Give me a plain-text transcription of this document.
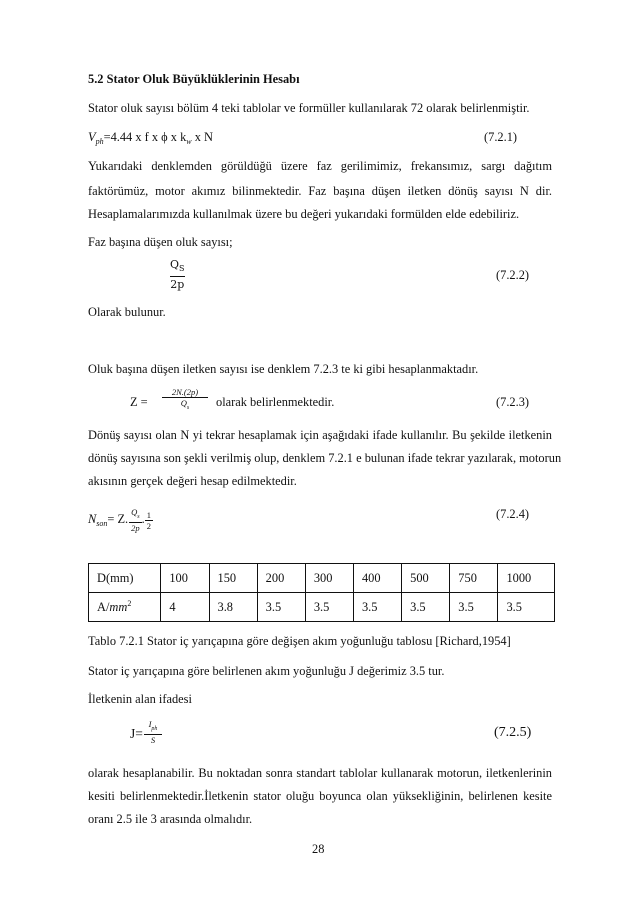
5.2 Stator Oluk Büyüklüklerinin Hesabı
Stator oluk sayısı bölüm 4 teki tablolar ve formüller kullanılarak 72 olarak belirlenmiştir.
$V_{ph}=4.44$ x f x ϕ x $k_w$ x N	(7.2.1)
Yukarıdaki denklemden görüldüğü üzere faz gerilimimiz, frekansımız, sargı dağıtım
faktörümüz, motor akımız bilinmektedir. Faz başına düşen iletken dönüş sayısı N dir.
Hesaplamalarımızda kullanılmak üzere bu değeri yukarıdaki formülden elde edebiliriz.
Faz başına düşen oluk sayısı;
$Q_S$
2p
(7.2.2)
Olarak bulunur.
Oluk başına düşen iletken sayısı ise denklem 7.2.3 te ki gibi hesaplanmaktadır.
$Z = \frac{2N.(2p)}{Q_s}$ olarak belirlenmektedir.	(7.2.3)
Dönüş sayısı olan N yi tekrar hesaplamak için aşağıdaki ifade kullanılır. Bu şekilde iletkenin
dönüş sayısına son şekli verilmiş olup, denklem 7.2.1 e bulunan ifade tekrar yazılarak, motorun
akısının gerçek değeri hesap edilmektedir.
$N_{son}= Z$. $\frac{Q_s}{2p}$ . $\frac{1}{2}$	(7.2.4)
D(mm)	100	150	200	300	400	500	750	1000
$A/mm^2$	4	3.8	3.5	3.5	3.5	3.5	3.5	3.5
Tablo 7.2.1 Stator iç yarıçapına göre değişen akım yoğunluğu tablosu [Richard,1954]
Stator iç yarıçapına göre belirlenen akım yoğunluğu J değerimiz 3.5 tur.
İletkenin alan ifadesi
J=
$I_{ph}$
S	(7.2.5)
olarak hesaplanabilir. Bu noktadan sonra standart tablolar kullanarak motorun, iletkenlerinin
kesiti belirlenmektedir.İletkenin stator oluğu boyunca olan yüksekliğinin, belirlenen kesite
oranı 2.5 ile 3 arasında olmalıdır.
28
